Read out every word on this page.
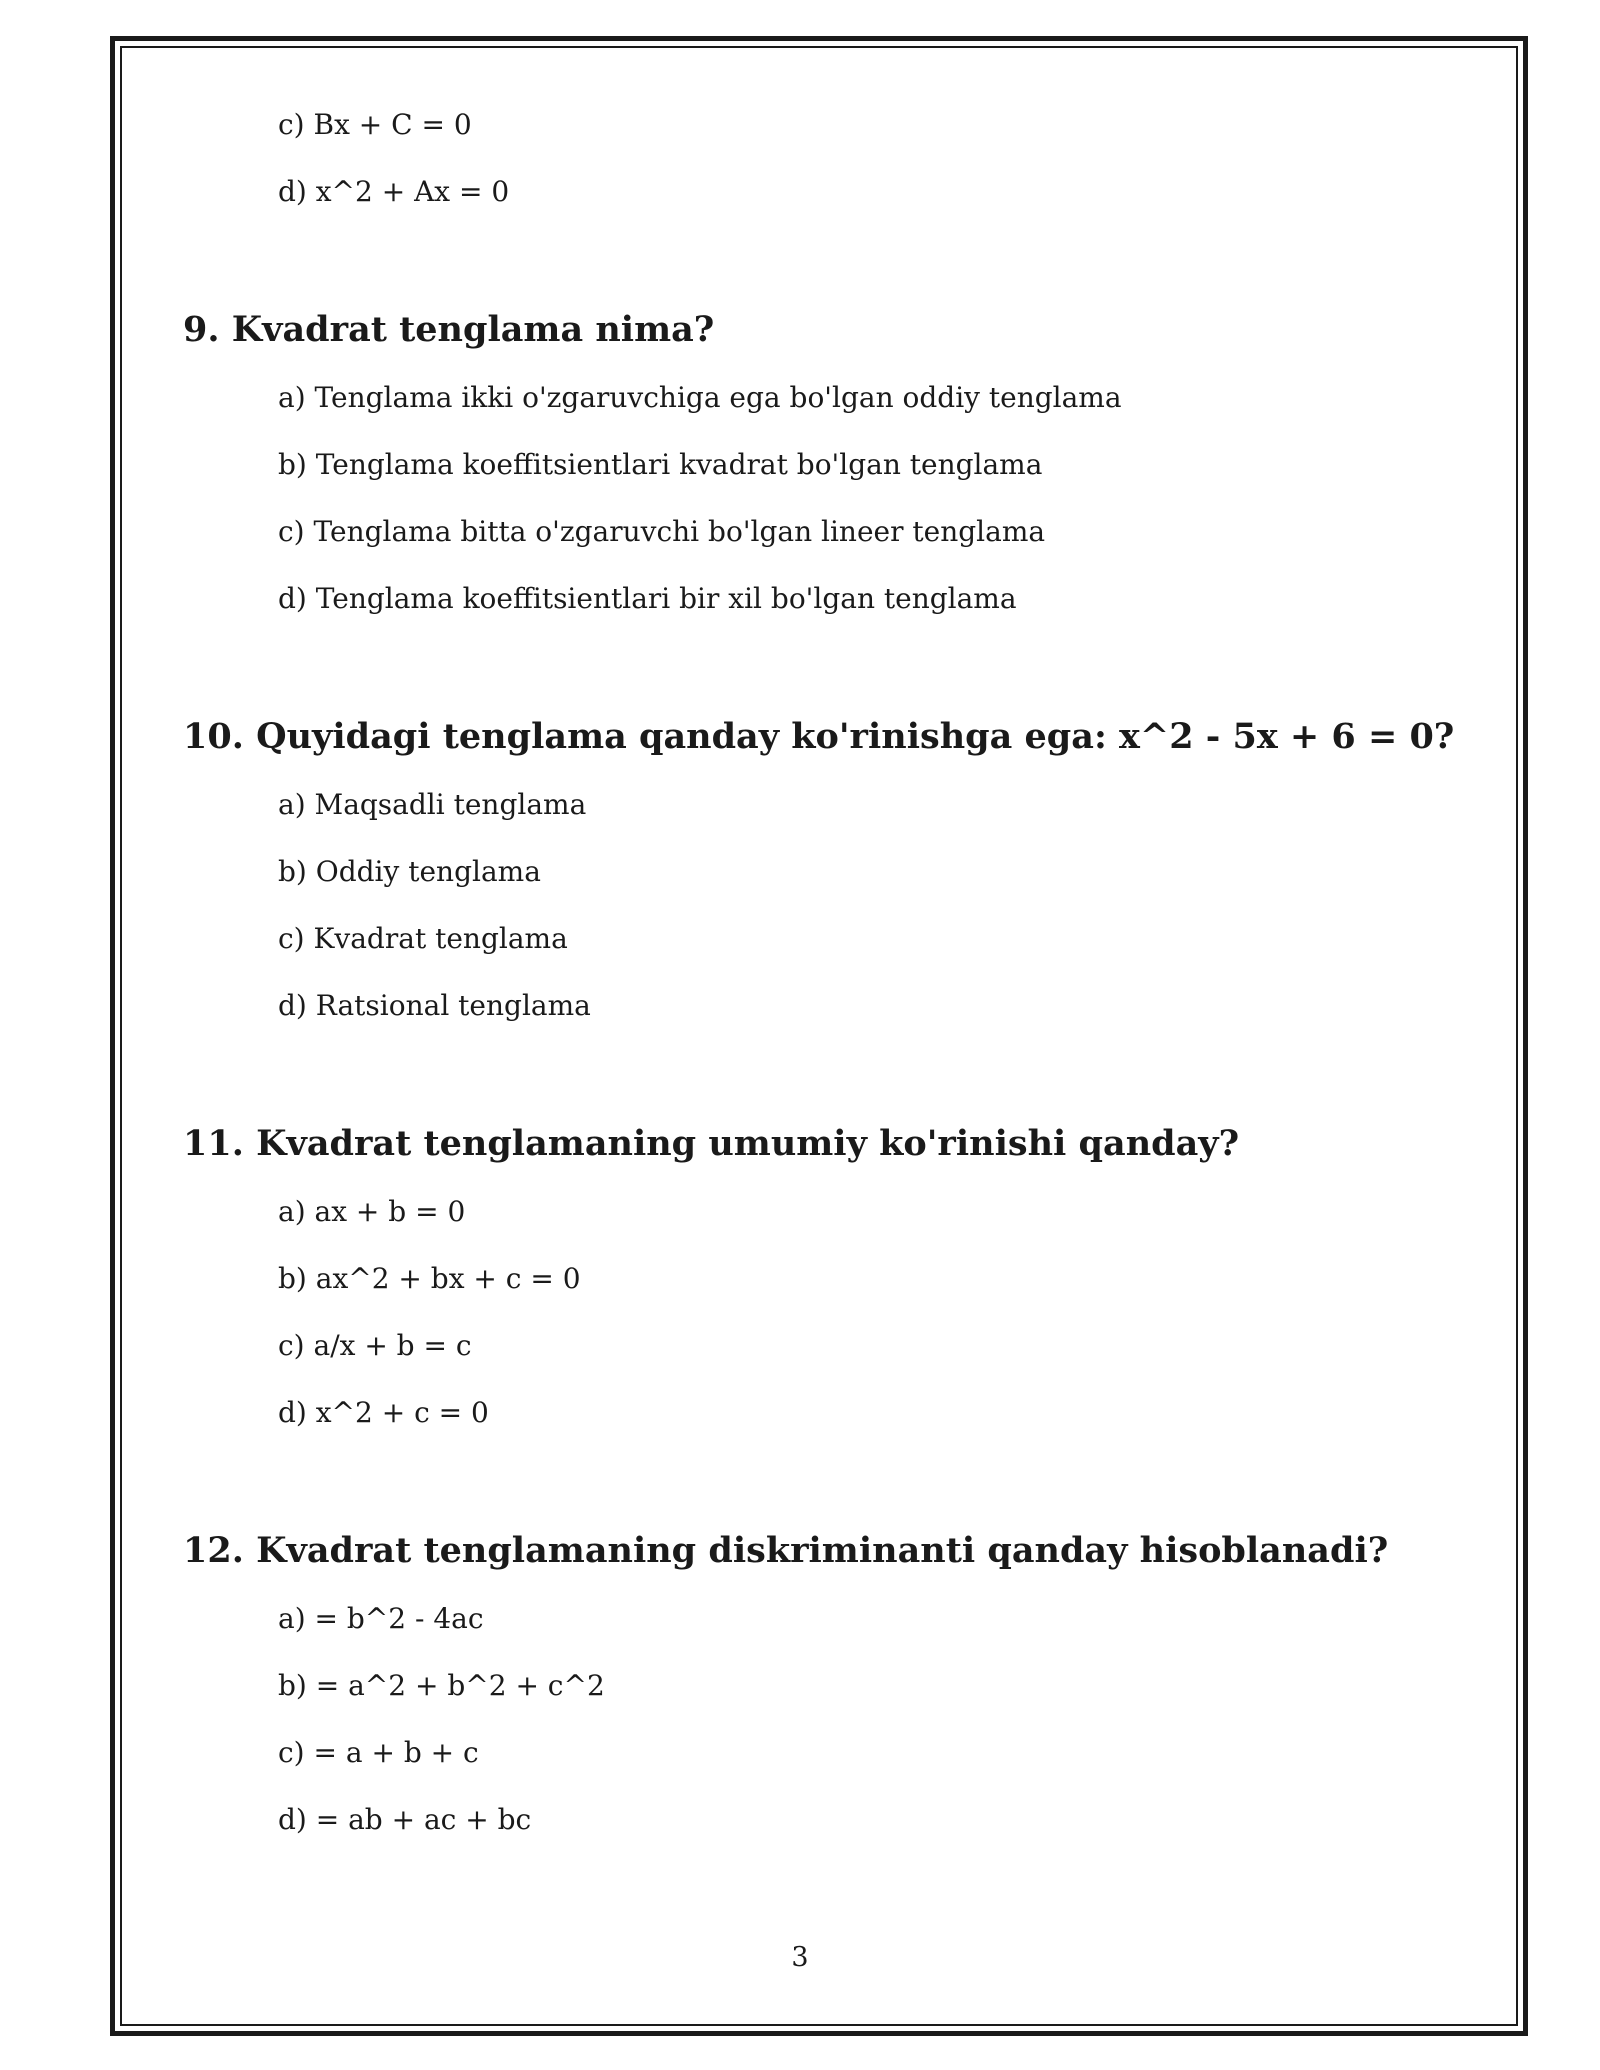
c) Bx + C = 0
d) x^2 + Ax = 0
9. Kvadrat tenglama nima?
a) Tenglama ikki o'zgaruvchiga ega bo'lgan oddiy tenglama
b) Tenglama koeffitsientlari kvadrat bo'lgan tenglama
c) Tenglama bitta o'zgaruvchi bo'lgan lineer tenglama
d) Tenglama koeffitsientlari bir xil bo'lgan tenglama
10. Quyidagi tenglama qanday ko'rinishga ega: x^2 - 5x + 6 = 0?
a) Maqsadli tenglama
b) Oddiy tenglama
c) Kvadrat tenglama
d) Ratsional tenglama
11. Kvadrat tenglamaning umumiy ko'rinishi qanday?
a) ax + b = 0
b) ax^2 + bx + c = 0
c) a/x + b = c
d) x^2 + c = 0
12. Kvadrat tenglamaning diskriminanti qanday hisoblanadi?
a) = b^2 - 4ac
b) = a^2 + b^2 + c^2
c) = a + b + c
d) = ab + ac + bc
3
